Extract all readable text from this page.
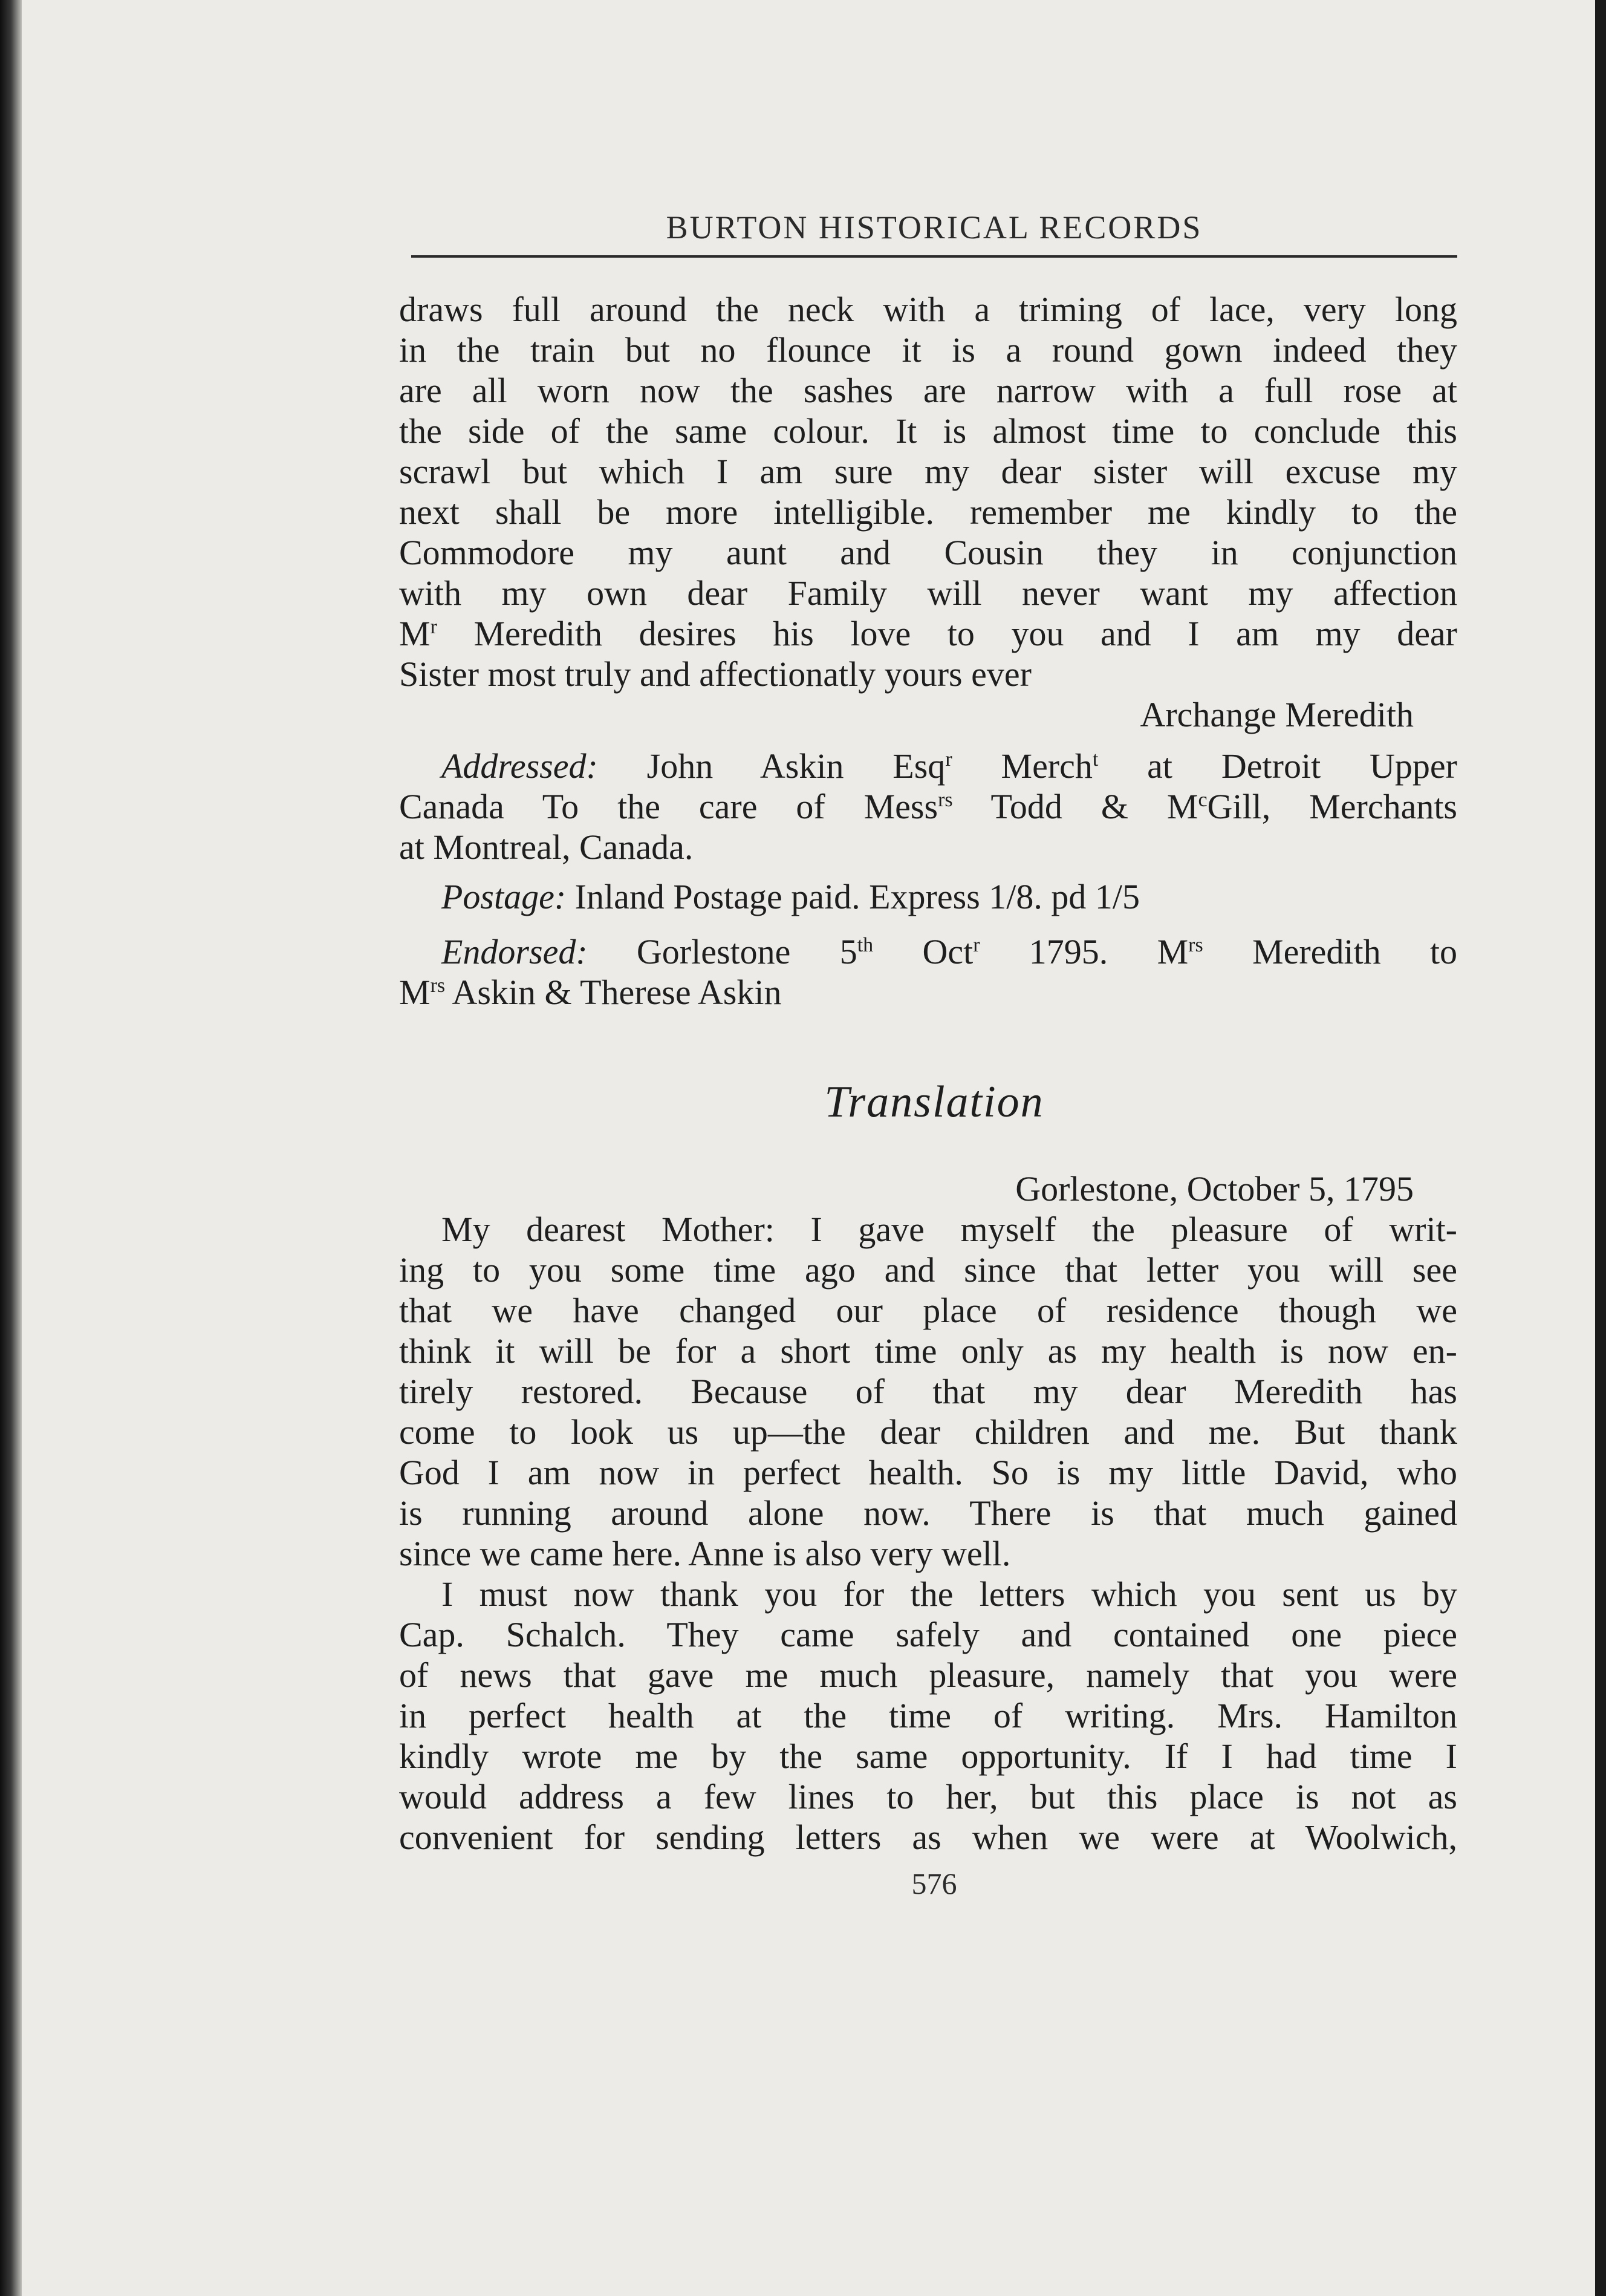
BURTON HISTORICAL RECORDS
draws full around the neck with a triming of lace, very long
in the train but no flounce it is a round gown indeed they
are all worn now the sashes are narrow with a full rose at
the side of the same colour. It is almost time to conclude this
scrawl but which I am sure my dear sister will excuse my
next shall be more intelligible. remember me kindly to the
Commodore my aunt and Cousin they in conjunction
with my own dear Family will never want my affection
$M^r$ Meredith desires his love to you and I am my dear
Sister most truly and affectionatly yours ever
Archange Meredith
Addressed: John Askin Esq$^r$ Merch$^t$ at Detroit Upper
Canada To the care of Mess$^{rs}$ Todd & $M^cGill$, Merchants
at Montreal, Canada.
Postage: Inland Postage paid. Express 1/8. pd 1/5
Endorsed: Gorlestone 5th Oct$^r$ 1795. $M^{rs}$ Meredith to
$M^{rs}$ Askin & Therese Askin
Translation
Gorlestone, October 5, 1795
My dearest Mother: I gave myself the pleasure of writ-
ing to you some time ago and since that letter you will see
that we have changed our place of residence though we
think it will be for a short time only as my health is now en-
tirely restored. Because of that my dear Meredith has
come to look us up—the dear children and me. But thank
God I am now in perfect health. So is my little David, who
is running around alone now. There is that much gained
since we came here. Anne is also very well.
I must now thank you for the letters which you sent us by
Cap. Schalch. They came safely and contained one piece
of news that gave me much pleasure, namely that you were
in perfect health at the time of writing. Mrs. Hamilton
kindly wrote me by the same opportunity. If I had time I
would address a few lines to her, but this place is not as
convenient for sending letters as when we were at Woolwich,
576
